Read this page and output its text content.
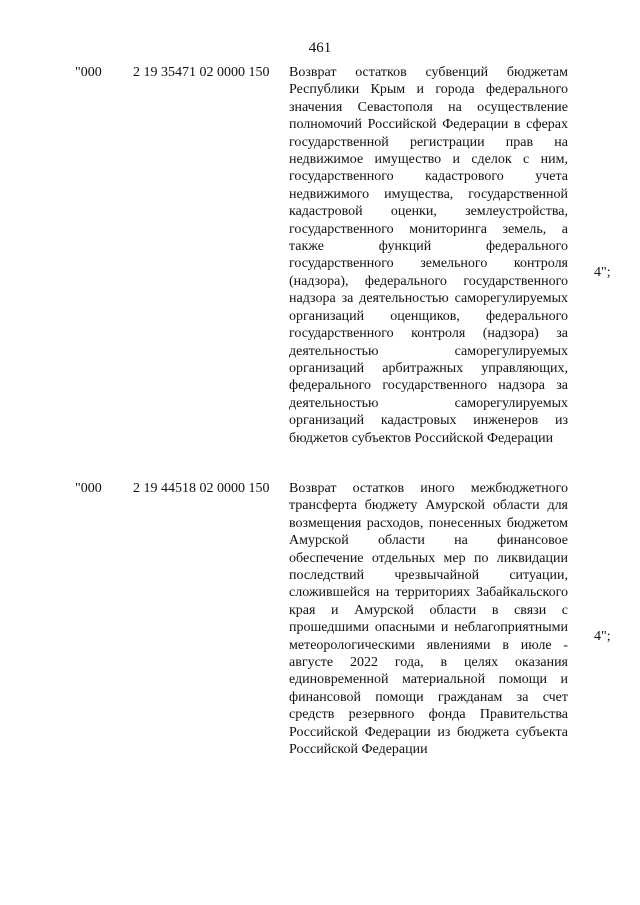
461
"000 2 19 35471 02 0000 150 Возврат остатков субвенций бюджетам Республики Крым и города федерального значения Севастополя на осуществление полномочий Российской Федерации в сферах государственной регистрации прав на недвижимое имущество и сделок с ним, государственного кадастрового учета недвижимого имущества, государственной кадастровой оценки, землеустройства, государственного мониторинга земель, а также функций федерального государственного земельного контроля (надзора), федерального государственного надзора за деятельностью саморегулируемых организаций оценщиков, федерального государственного контроля (надзора) за деятельностью саморегулируемых организаций арбитражных управляющих, федерального государственного надзора за деятельностью саморегулируемых организаций кадастровых инженеров из бюджетов субъектов Российской Федерации
4";
"000 2 19 44518 02 0000 150 Возврат остатков иного межбюджетного трансферта бюджету Амурской области для возмещения расходов, понесенных бюджетом Амурской области на финансовое обеспечение отдельных мер по ликвидации последствий чрезвычайной ситуации, сложившейся на территориях Забайкальского края и Амурской области в связи с прошедшими опасными и неблагоприятными метеорологическими явлениями в июле - августе 2022 года, в целях оказания единовременной материальной помощи и финансовой помощи гражданам за счет средств резервного фонда Правительства Российской Федерации из бюджета субъекта Российской Федерации
4";
